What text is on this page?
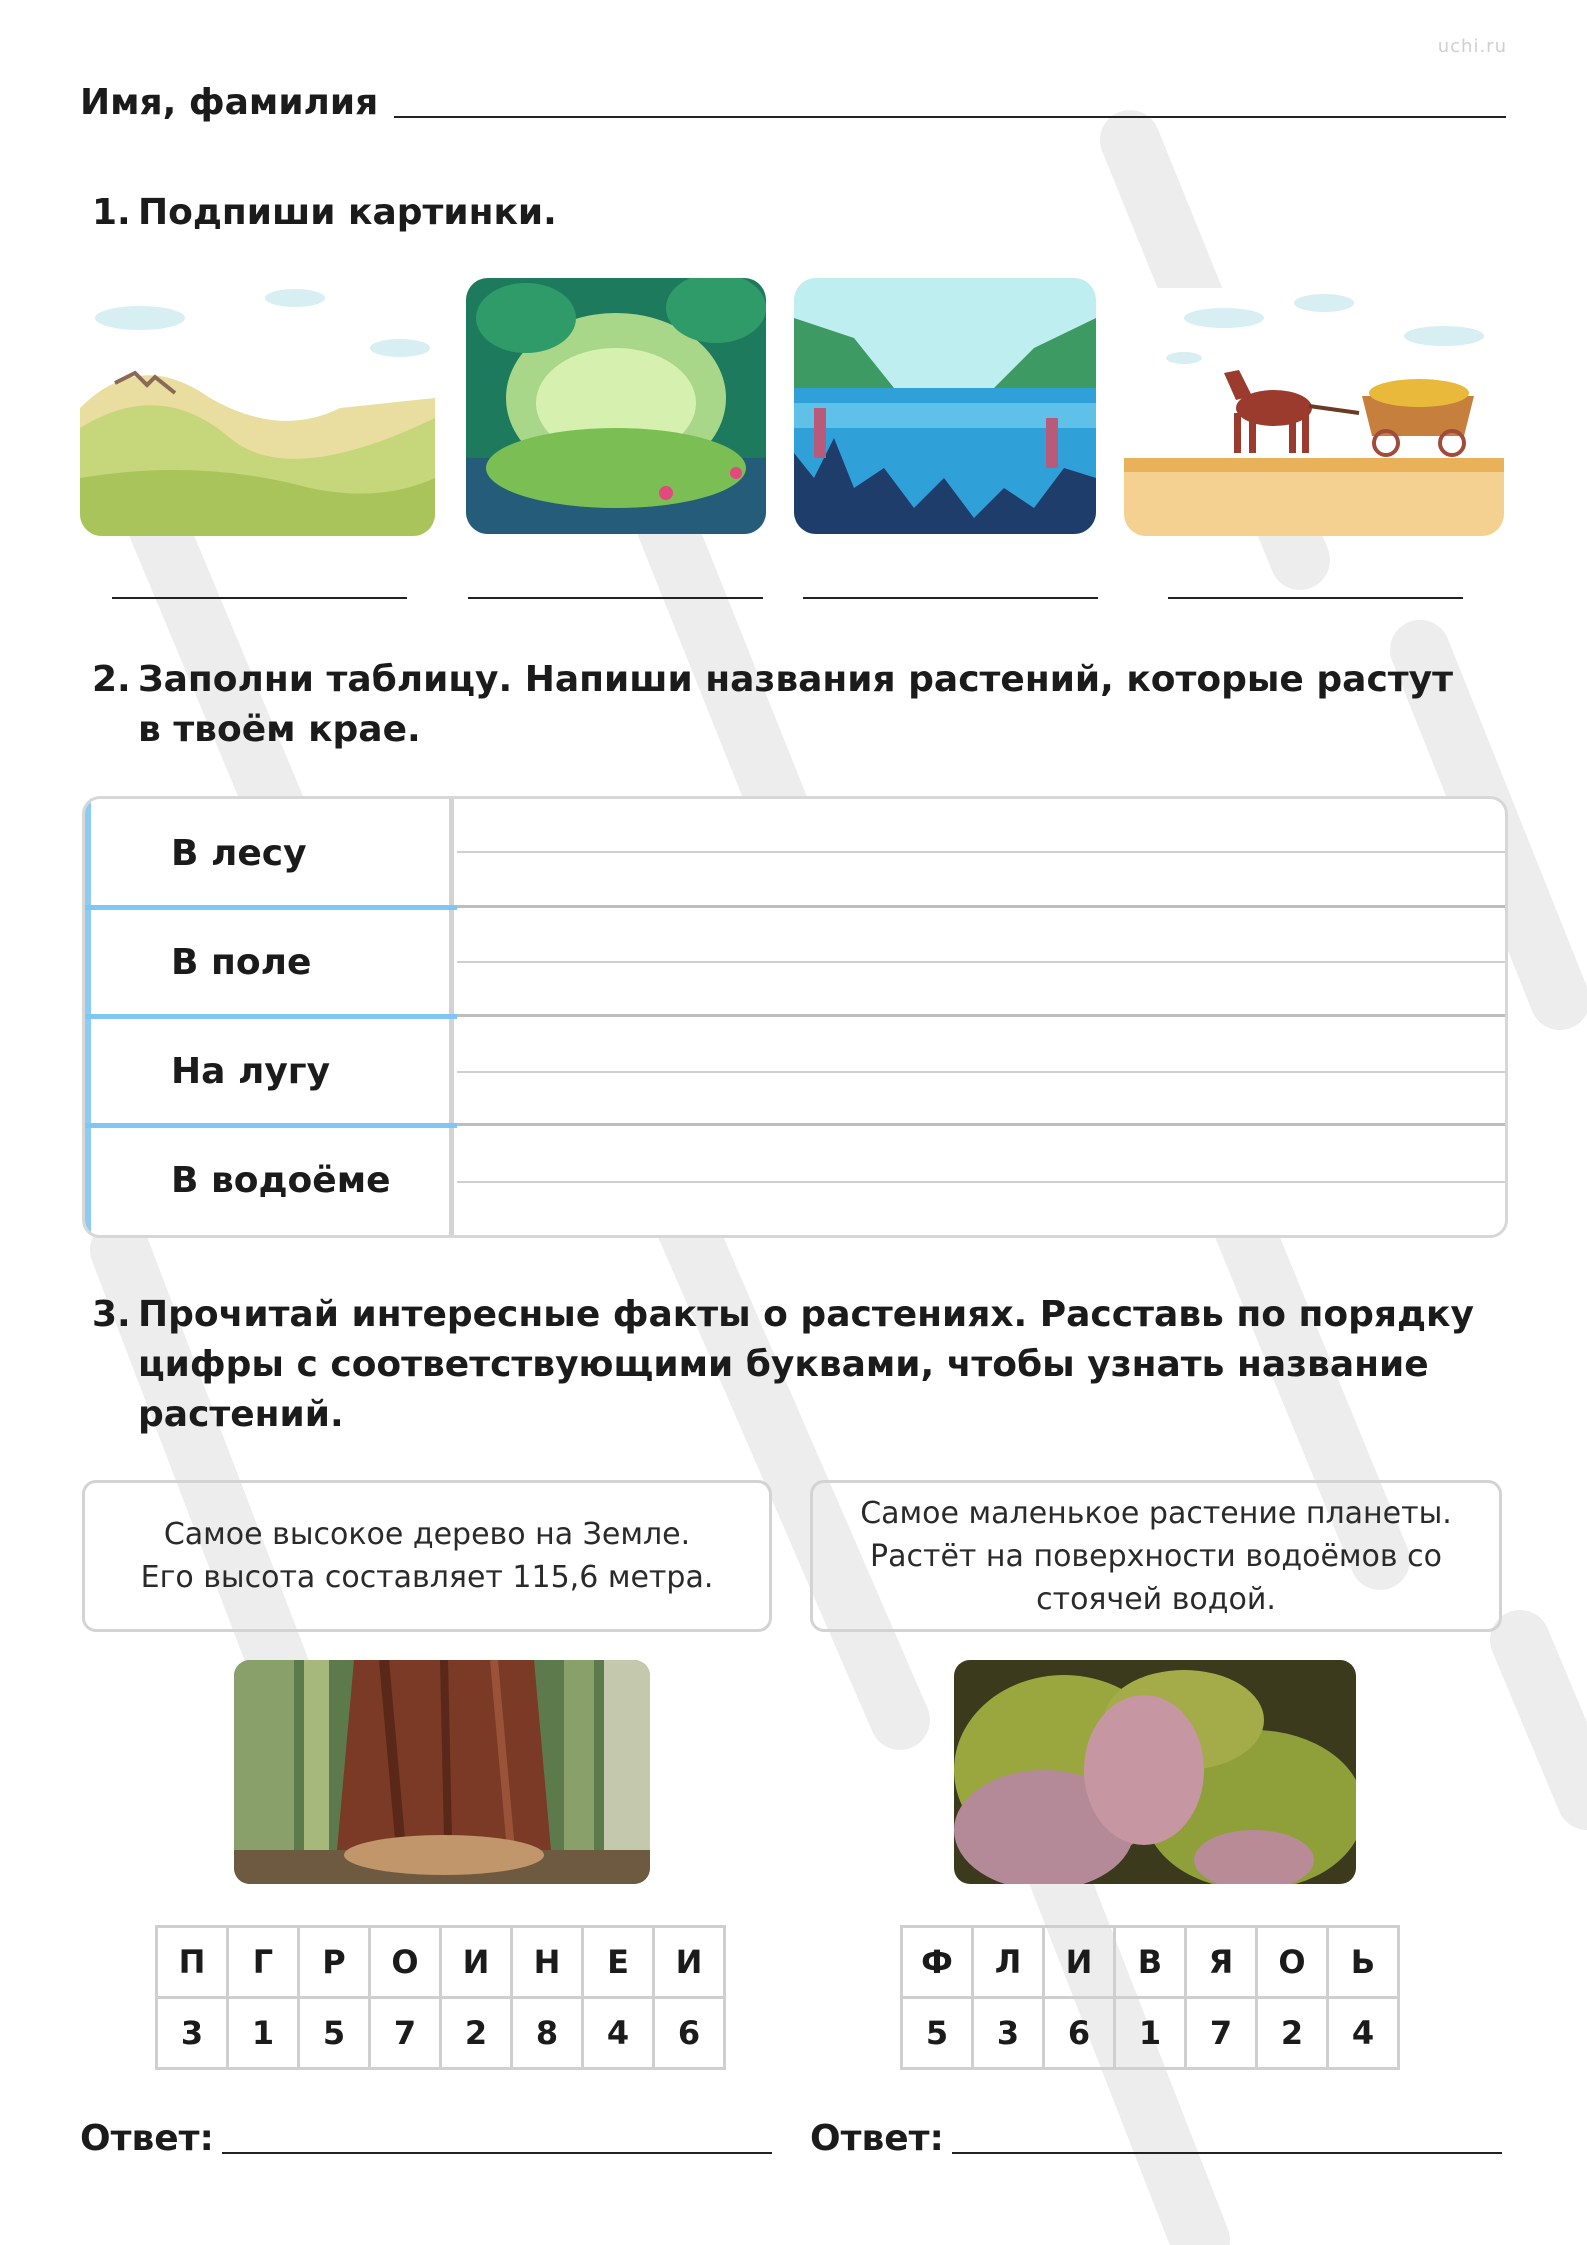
uchi.ru
Имя, фамилия
1. Подпиши картинки.
2. Заполни таблицу. Напиши названия растений, которые растут
в твоём крае.
В лесу
В поле
На лугу
В водоёме
3. Прочитай интересные факты о растениях. Расставь по порядку
цифры с соответствующими буквами, чтобы узнать название
растений.
Самое высокое дерево на Земле.
Его высота составляет 115,6 метра.
Самое маленькое растение планеты.
Растёт на поверхности водоёмов со
стоячей водой.
П	Г	Р	О	И	Н	Е	И
3	1	5	7	2	8	4	6
Ф	Л	И	В	Я	О	Ь
5	3	6	1	7	2	4
Ответ:	Ответ:
